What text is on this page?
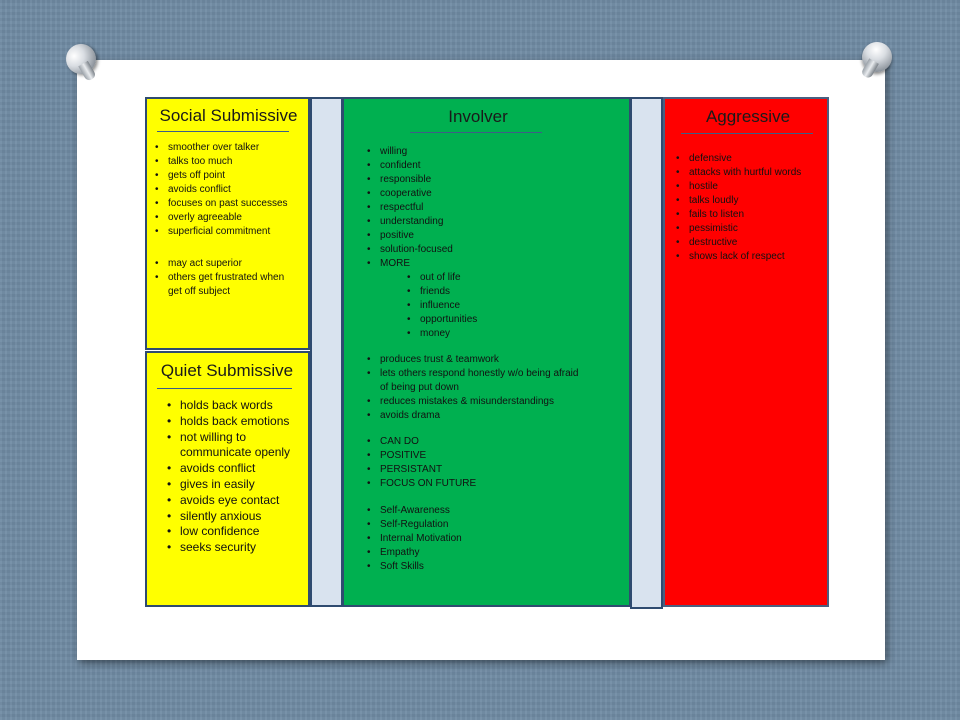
Social Submissive
• smoother over talker
• talks too much
• gets off point
• avoids conflict
• focuses on past successes
• overly agreeable
• superficial commitment
• may act superior
• others get frustrated when
get off subject
Quiet Submissive
• holds back words
• holds back emotions
• not willing to
communicate openly
• avoids conflict
• gives in easily
• avoids eye contact
• silently anxious
• low confidence
• seeks security
Involver
• willing
• confident
• responsible
• cooperative
• respectful
• understanding
• positive
• solution-focused
• MORE
• out of life
• friends
• influence
• opportunities
• money
• produces trust & teamwork
• lets others respond honestly w/o being afraid
of being put down
• reduces mistakes & misunderstandings
• avoids drama
• CAN DO
• POSITIVE
• PERSISTANT
• FOCUS ON FUTURE
• Self-Awareness
• Self-Regulation
• Internal Motivation
• Empathy
• Soft Skills
Aggressive
• defensive
• attacks with hurtful words
• hostile
• talks loudly
• fails to listen
• pessimistic
• destructive
• shows lack of respect
